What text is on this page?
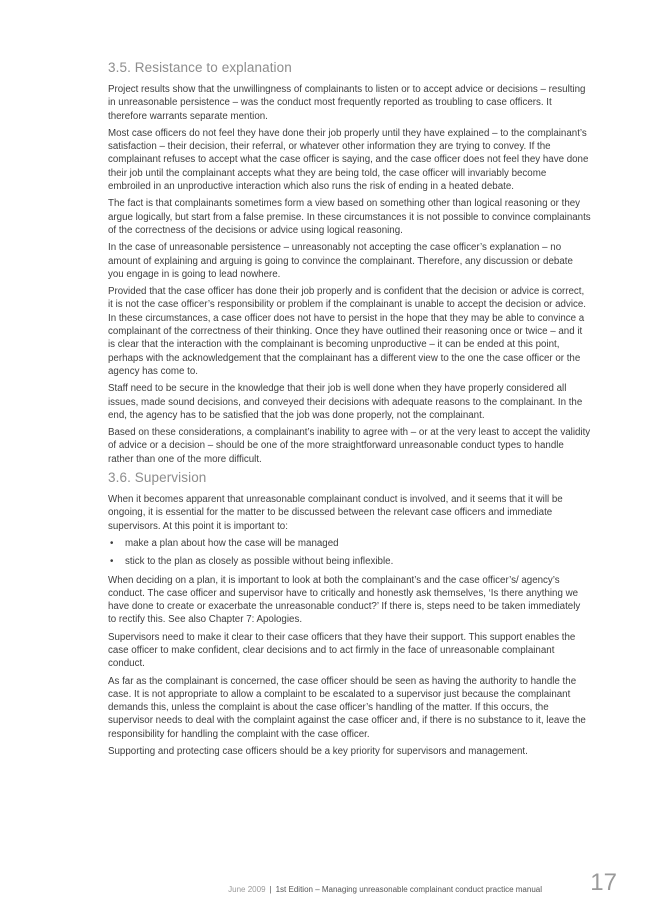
3.5. Resistance to explanation

Project results show that the unwillingness of complainants to listen or to accept advice or decisions – resulting in unreasonable persistence – was the conduct most frequently reported as troubling to case officers. It therefore warrants separate mention.

Most case officers do not feel they have done their job properly until they have explained – to the complainant’s satisfaction – their decision, their referral, or whatever other information they are trying to convey. If the complainant refuses to accept what the case officer is saying, and the case officer does not feel they have done their job until the complainant accepts what they are being told, the case officer will invariably become embroiled in an unproductive interaction which also runs the risk of ending in a heated debate.

The fact is that complainants sometimes form a view based on something other than logical reasoning or they argue logically, but start from a false premise. In these circumstances it is not possible to convince complainants of the correctness of the decisions or advice using logical reasoning.

In the case of unreasonable persistence – unreasonably not accepting the case officer’s explanation – no amount of explaining and arguing is going to convince the complainant. Therefore, any discussion or debate you engage in is going to lead nowhere.

Provided that the case officer has done their job properly and is confident that the decision or advice is correct, it is not the case officer’s responsibility or problem if the complainant is unable to accept the decision or advice. In these circumstances, a case officer does not have to persist in the hope that they may be able to convince a complainant of the correctness of their thinking. Once they have outlined their reasoning once or twice – and it is clear that the interaction with the complainant is becoming unproductive – it can be ended at this point, perhaps with the acknowledgement that the complainant has a different view to the one the case officer or the agency has come to.

Staff need to be secure in the knowledge that their job is well done when they have properly considered all issues, made sound decisions, and conveyed their decisions with adequate reasons to the complainant. In the end, the agency has to be satisfied that the job was done properly, not the complainant.

Based on these considerations, a complainant’s inability to agree with – or at the very least to accept the validity of advice or a decision – should be one of the more straightforward unreasonable conduct types to handle rather than one of the more difficult.

3.6. Supervision

When it becomes apparent that unreasonable complainant conduct is involved, and it seems that it will be ongoing, it is essential for the matter to be discussed between the relevant case officers and immediate supervisors. At this point it is important to:

• make a plan about how the case will be managed
• stick to the plan as closely as possible without being inflexible.

When deciding on a plan, it is important to look at both the complainant’s and the case officer’s/ agency’s conduct. The case officer and supervisor have to critically and honestly ask themselves, ‘Is there anything we have done to create or exacerbate the unreasonable conduct?’ If there is, steps need to be taken immediately to rectify this. See also Chapter 7: Apologies.

Supervisors need to make it clear to their case officers that they have their support. This support enables the case officer to make confident, clear decisions and to act firmly in the face of unreasonable complainant conduct.

As far as the complainant is concerned, the case officer should be seen as having the authority to handle the case. It is not appropriate to allow a complaint to be escalated to a supervisor just because the complainant demands this, unless the complaint is about the case officer’s handling of the matter. If this occurs, the supervisor needs to deal with the complaint against the case officer and, if there is no substance to it, leave the responsibility for handling the complaint with the case officer.

Supporting and protecting case officers should be a key priority for supervisors and management.

June 2009 | 1st Edition – Managing unreasonable complainant conduct practice manual 17
